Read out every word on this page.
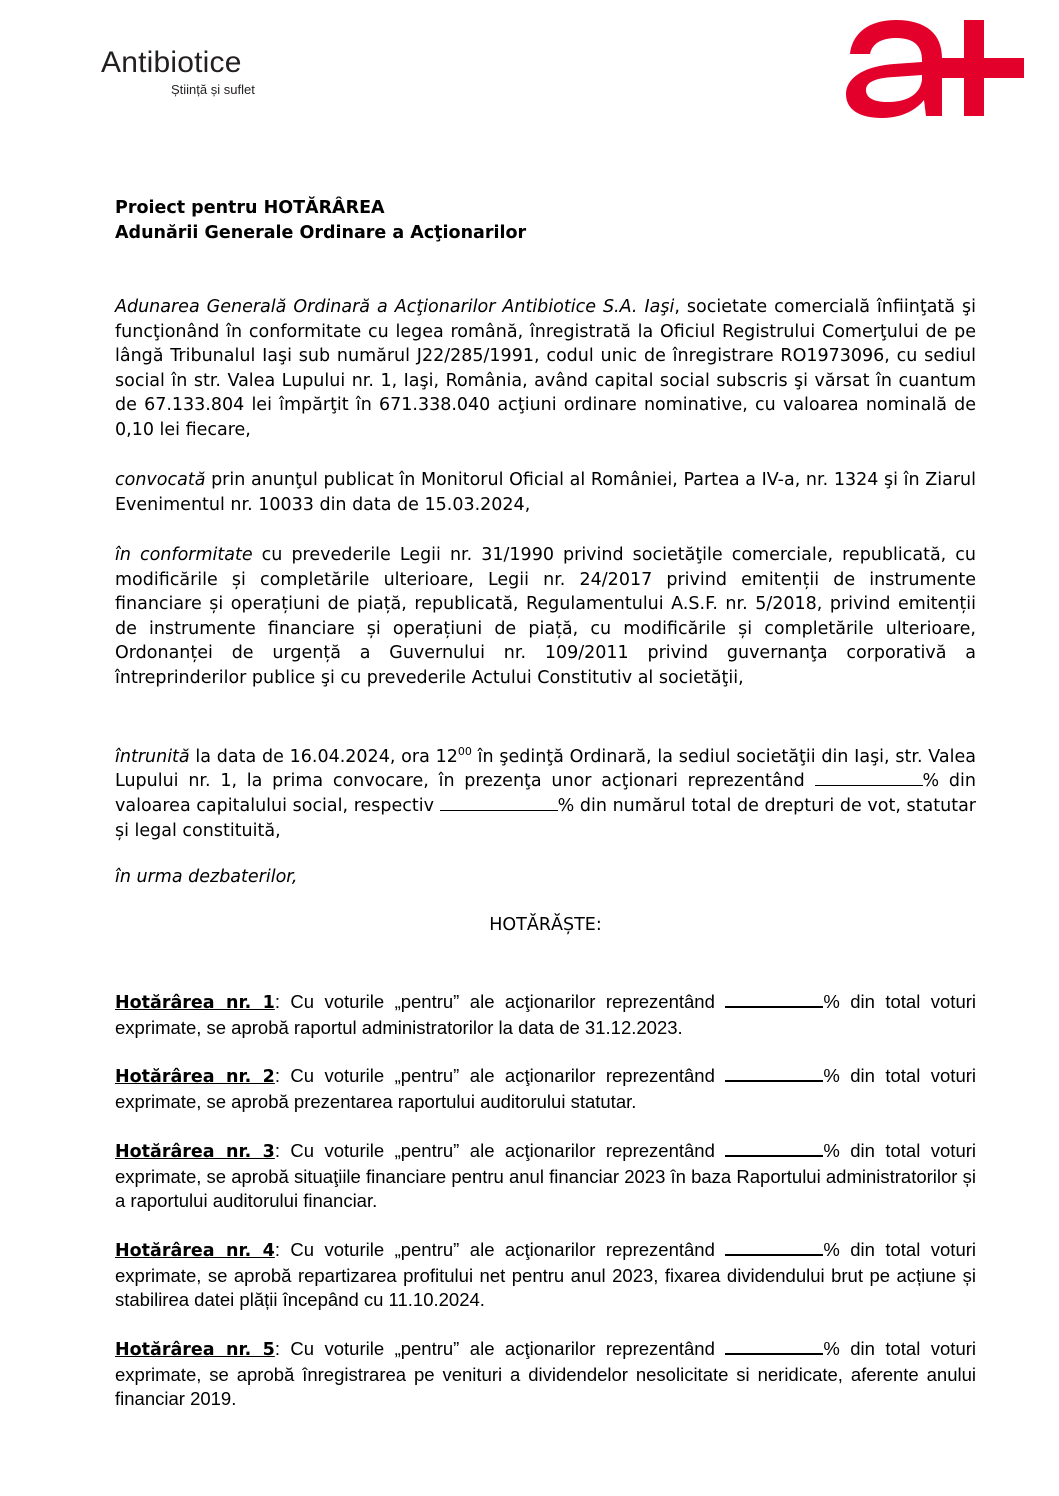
Antibiotice
Știință și suflet
Proiect pentru HOTĂRÂREA
Adunării Generale Ordinare a Acţionarilor

Adunarea Generală Ordinară a Acţionarilor Antibiotice S.A. Iaşi, societate comercială înfiinţată şi funcţionând în conformitate cu legea română, înregistrată la Oficiul Registrului Comerţului de pe lângă Tribunalul Iaşi sub numărul J22/285/1991, codul unic de înregistrare RO1973096, cu sediul social în str. Valea Lupului nr. 1, Iaşi, România, având capital social subscris şi vărsat în cuantum de 67.133.804 lei împărţit în 671.338.040 acţiuni ordinare nominative, cu valoarea nominală de 0,10 lei fiecare,

convocată prin anunţul publicat în Monitorul Oficial al României, Partea a IV-a, nr. 1324 şi în Ziarul Evenimentul nr. 10033 din data de 15.03.2024,

în conformitate cu prevederile Legii nr. 31/1990 privind societăţile comerciale, republicată, cu modificările și completările ulterioare, Legii nr. 24/2017 privind emitenții de instrumente financiare și operațiuni de piață, republicată, Regulamentului A.S.F. nr. 5/2018, privind emitenții de instrumente financiare și operațiuni de piață, cu modificările și completările ulterioare, Ordonanței de urgență a Guvernului nr. 109/2011 privind guvernanţa corporativă a întreprinderilor publice şi cu prevederile Actului Constitutiv al societăţii,

întrunită la data de 16.04.2024, ora $12^{00}$ în şedinţă Ordinară, la sediul societăţii din Iaşi, str. Valea Lupului nr. 1, la prima convocare, în prezenţa unor acţionari reprezentând	% din valoarea capitalului social, respectiv	% din numărul total de drepturi de vot, statutar și legal constituită,

în urma dezbaterilor,

HOTĂRĂȘTE:

Hotărârea nr. 1: Cu voturile „pentru” ale acţionarilor reprezentând	% din total voturi exprimate, se aprobă raportul administratorilor la data de 31.12.2023.

Hotărârea nr. 2: Cu voturile „pentru” ale acţionarilor reprezentând	% din total voturi exprimate, se aprobă prezentarea raportului auditorului statutar.

Hotărârea nr. 3: Cu voturile „pentru” ale acţionarilor reprezentând	% din total voturi exprimate, se aprobă situaţiile financiare pentru anul financiar 2023 în baza Raportului administratorilor și a raportului auditorului financiar.

Hotărârea nr. 4: Cu voturile „pentru” ale acţionarilor reprezentând	% din total voturi exprimate, se aprobă repartizarea profitului net pentru anul 2023, fixarea dividendului brut pe acțiune și stabilirea datei plății începând cu 11.10.2024.

Hotărârea nr. 5: Cu voturile „pentru” ale acţionarilor reprezentând	% din total voturi exprimate, se aprobă înregistrarea pe venituri a dividendelor nesolicitate si neridicate, aferente anului financiar 2019.
